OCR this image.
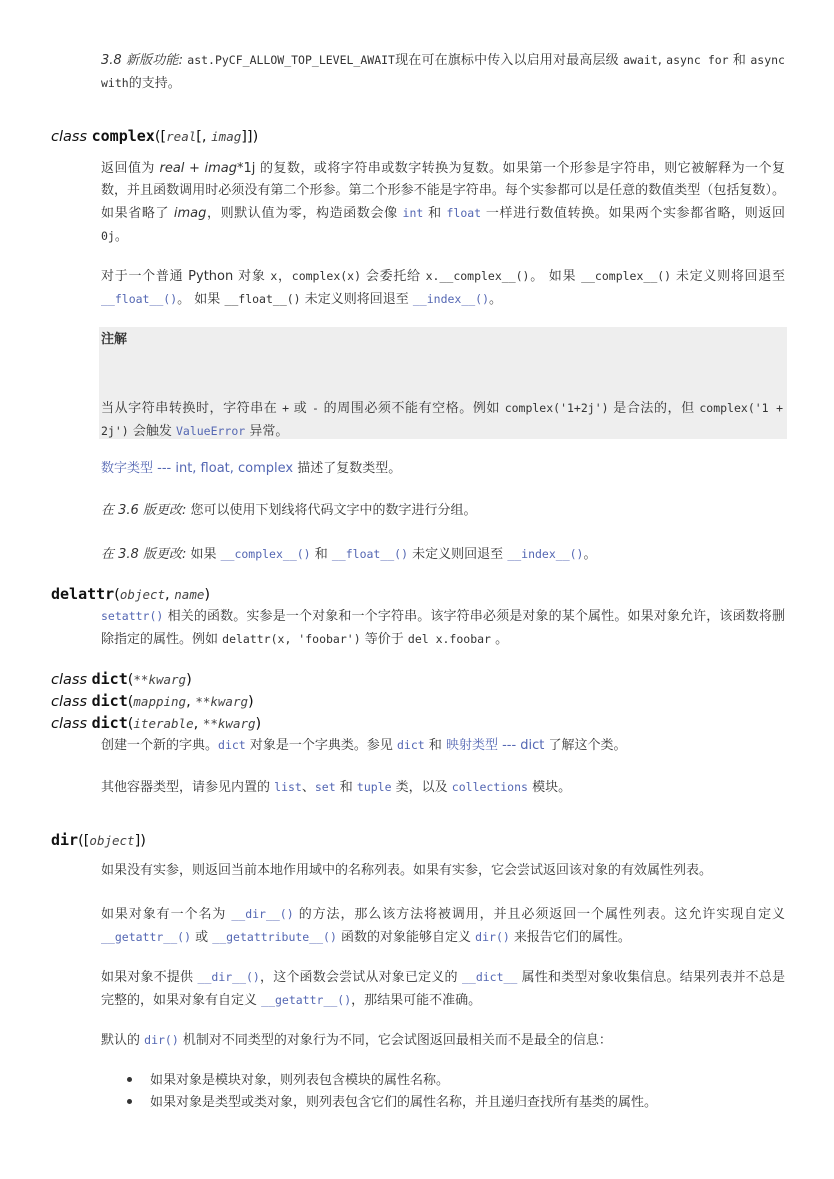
3.8 新版功能: ast.PyCF_ALLOW_TOP_LEVEL_AWAIT现在可在旗标中传入以启用对最高层级 await, async for 和 async with的支持。
class complex([real[, imag]])
返回值为 real + imag*1j 的复数，或将字符串或数字转换为复数。如果第一个形参是字符串，则它被解释为一个复数，并且函数调用时必须没有第二个形参。第二个形参不能是字符串。每个实参都可以是任意的数值类型（包括复数）。如果省略了 imag，则默认值为零，构造函数会像 int 和 float 一样进行数值转换。如果两个实参都省略，则返回 0j。
对于一个普通 Python 对象 x，complex(x) 会委托给 x.__complex__()。 如果 __complex__() 未定义则将回退至 __float__()。 如果 __float__() 未定义则将回退至 __index__()。
注解
当从字符串转换时，字符串在 + 或 - 的周围必须不能有空格。例如 complex('1+2j') 是合法的，但 complex('1 + 2j') 会触发 ValueError 异常。
数字类型 --- int, float, complex 描述了复数类型。
在 3.6 版更改: 您可以使用下划线将代码文字中的数字进行分组。
在 3.8 版更改: 如果 __complex__() 和 __float__() 未定义则回退至 __index__()。
delattr(object, name)
setattr() 相关的函数。实参是一个对象和一个字符串。该字符串必须是对象的某个属性。如果对象允许，该函数将删除指定的属性。例如 delattr(x, 'foobar') 等价于 del x.foobar 。
class dict(**kwarg)
class dict(mapping, **kwarg)
class dict(iterable, **kwarg)
创建一个新的字典。dict 对象是一个字典类。参见 dict 和 映射类型 --- dict 了解这个类。
其他容器类型，请参见内置的 list、set 和 tuple 类，以及 collections 模块。
dir([object])
如果没有实参，则返回当前本地作用域中的名称列表。如果有实参，它会尝试返回该对象的有效属性列表。
如果对象有一个名为 __dir__() 的方法，那么该方法将被调用，并且必须返回一个属性列表。这允许实现自定义 __getattr__() 或 __getattribute__() 函数的对象能够自定义 dir() 来报告它们的属性。
如果对象不提供 __dir__()，这个函数会尝试从对象已定义的 __dict__ 属性和类型对象收集信息。结果列表并不总是完整的，如果对象有自定义 __getattr__()，那结果可能不准确。
默认的 dir() 机制对不同类型的对象行为不同，它会试图返回最相关而不是最全的信息：
如果对象是模块对象，则列表包含模块的属性名称。
如果对象是类型或类对象，则列表包含它们的属性名称，并且递归查找所有基类的属性。
